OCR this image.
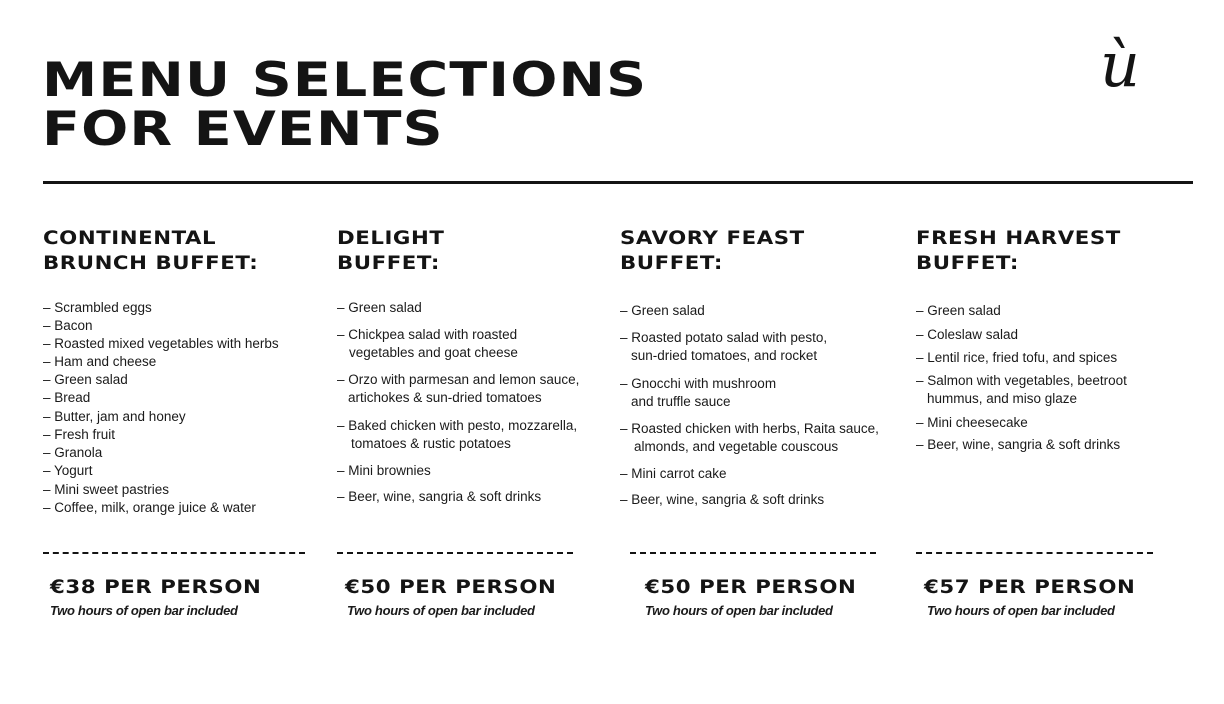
MENU SELECTIONS
FOR EVENTS
ù
CONTINENTAL
BRUNCH BUFFET:
– Scrambled eggs
– Bacon
– Roasted mixed vegetables with herbs
– Ham and cheese
– Green salad
– Bread
– Butter, jam and honey
– Fresh fruit
– Granola
– Yogurt
– Mini sweet pastries
– Coffee, milk, orange juice & water
€38 PER PERSON
Two hours of open bar included
DELIGHT
BUFFET:
– Green salad
– Chickpea salad with roasted
vegetables and goat cheese
– Orzo with parmesan and lemon sauce,
artichokes & sun-dried tomatoes
– Baked chicken with pesto, mozzarella,
tomatoes & rustic potatoes
– Mini brownies
– Beer, wine, sangria & soft drinks
€50 PER PERSON
Two hours of open bar included
SAVORY FEAST
BUFFET:
– Green salad
– Roasted potato salad with pesto,
sun-dried tomatoes, and rocket
– Gnocchi with mushroom
and truffle sauce
– Roasted chicken with herbs, Raita sauce,
almonds, and vegetable couscous
– Mini carrot cake
– Beer, wine, sangria & soft drinks
€50 PER PERSON
Two hours of open bar included
FRESH HARVEST
BUFFET:
– Green salad
– Coleslaw salad
– Lentil rice, fried tofu, and spices
– Salmon with vegetables, beetroot
hummus, and miso glaze
– Mini cheesecake
– Beer, wine, sangria & soft drinks
€57 PER PERSON
Two hours of open bar included
